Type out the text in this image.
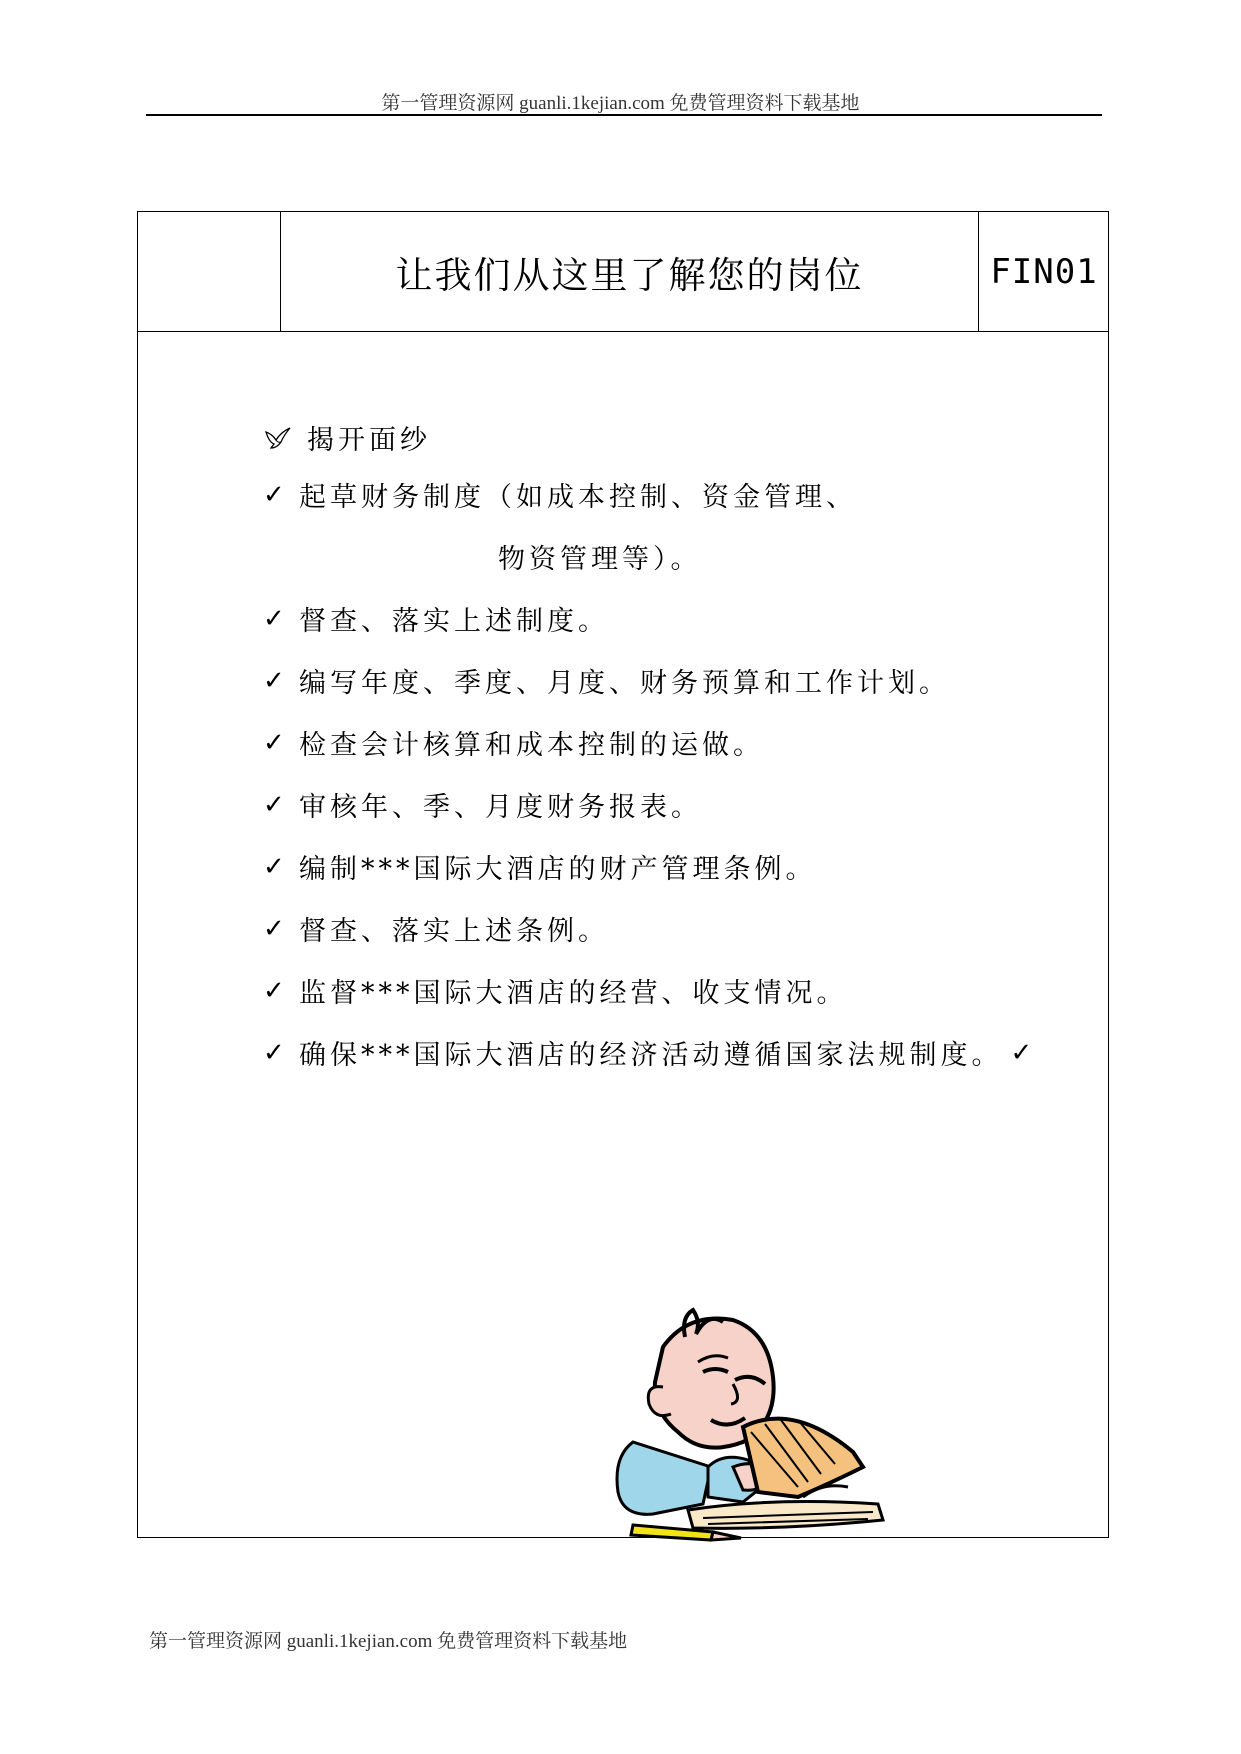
第一管理资源网 guanli.1kejian.com 免费管理资料下载基地
让我们从这里了解您的岗位	FIN01
揭开面纱
✓ 起草财务制度（如成本控制、资金管理、
物资管理等）。
✓ 督查、落实上述制度。
✓ 编写年度、季度、月度、财务预算和工作计划。
✓ 检查会计核算和成本控制的运做。
✓ 审核年、季、月度财务报表。
✓ 编制***国际大酒店的财产管理条例。
✓ 督查、落实上述条例。
✓ 监督***国际大酒店的经营、收支情况。
✓ 确保***国际大酒店的经济活动遵循国家法规制度。 ✓
第一管理资源网 guanli.1kejian.com 免费管理资料下载基地
